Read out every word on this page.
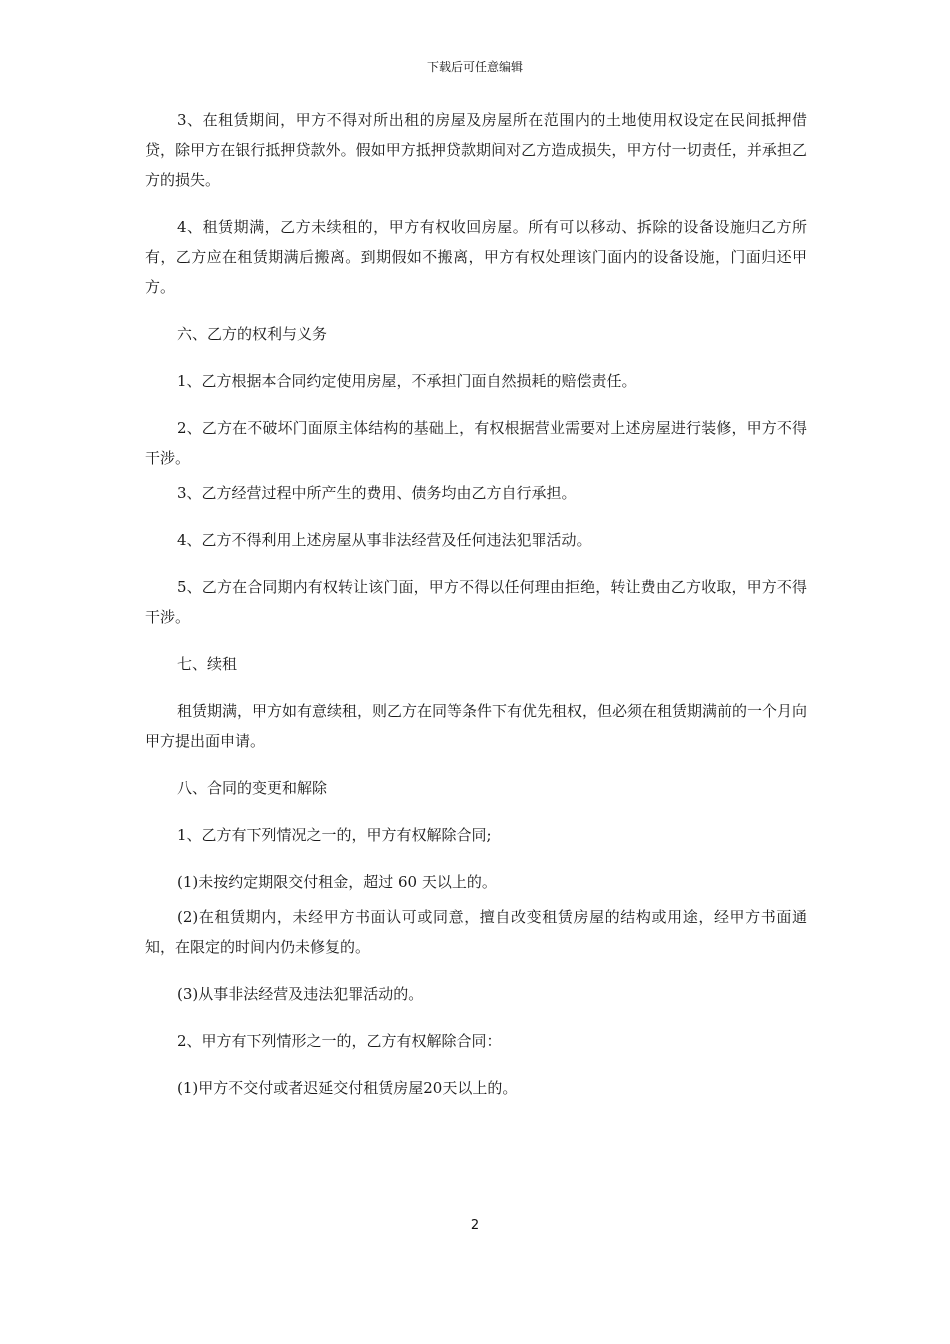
下载后可任意编辑

3、在租赁期间，甲方不得对所出租的房屋及房屋所在范围内的土地使用权设定在民间抵押借贷，除甲方在银行抵押贷款外。假如甲方抵押贷款期间对乙方造成损失，甲方付一切责任，并承担乙方的损失。

4、租赁期满，乙方未续租的，甲方有权收回房屋。所有可以移动、拆除的设备设施归乙方所有，乙方应在租赁期满后搬离。到期假如不搬离，甲方有权处理该门面内的设备设施，门面归还甲方。

六、乙方的权利与义务

1、乙方根据本合同约定使用房屋，不承担门面自然损耗的赔偿责任。

2、乙方在不破坏门面原主体结构的基础上，有权根据营业需要对上述房屋进行装修，甲方不得干涉。

3、乙方经营过程中所产生的费用、债务均由乙方自行承担。

4、乙方不得利用上述房屋从事非法经营及任何违法犯罪活动。

5、乙方在合同期内有权转让该门面，甲方不得以任何理由拒绝，转让费由乙方收取，甲方不得干涉。

七、续租

租赁期满，甲方如有意续租，则乙方在同等条件下有优先租权，但必须在租赁期满前的一个月向甲方提出面申请。

八、合同的变更和解除

1、乙方有下列情况之一的，甲方有权解除合同;

(1)未按约定期限交付租金，超过 60 天以上的。

(2)在租赁期内，未经甲方书面认可或同意，擅自改变租赁房屋的结构或用途，经甲方书面通知，在限定的时间内仍未修复的。

(3)从事非法经营及违法犯罪活动的。

2、甲方有下列情形之一的，乙方有权解除合同：

(1)甲方不交付或者迟延交付租赁房屋20天以上的。

2
